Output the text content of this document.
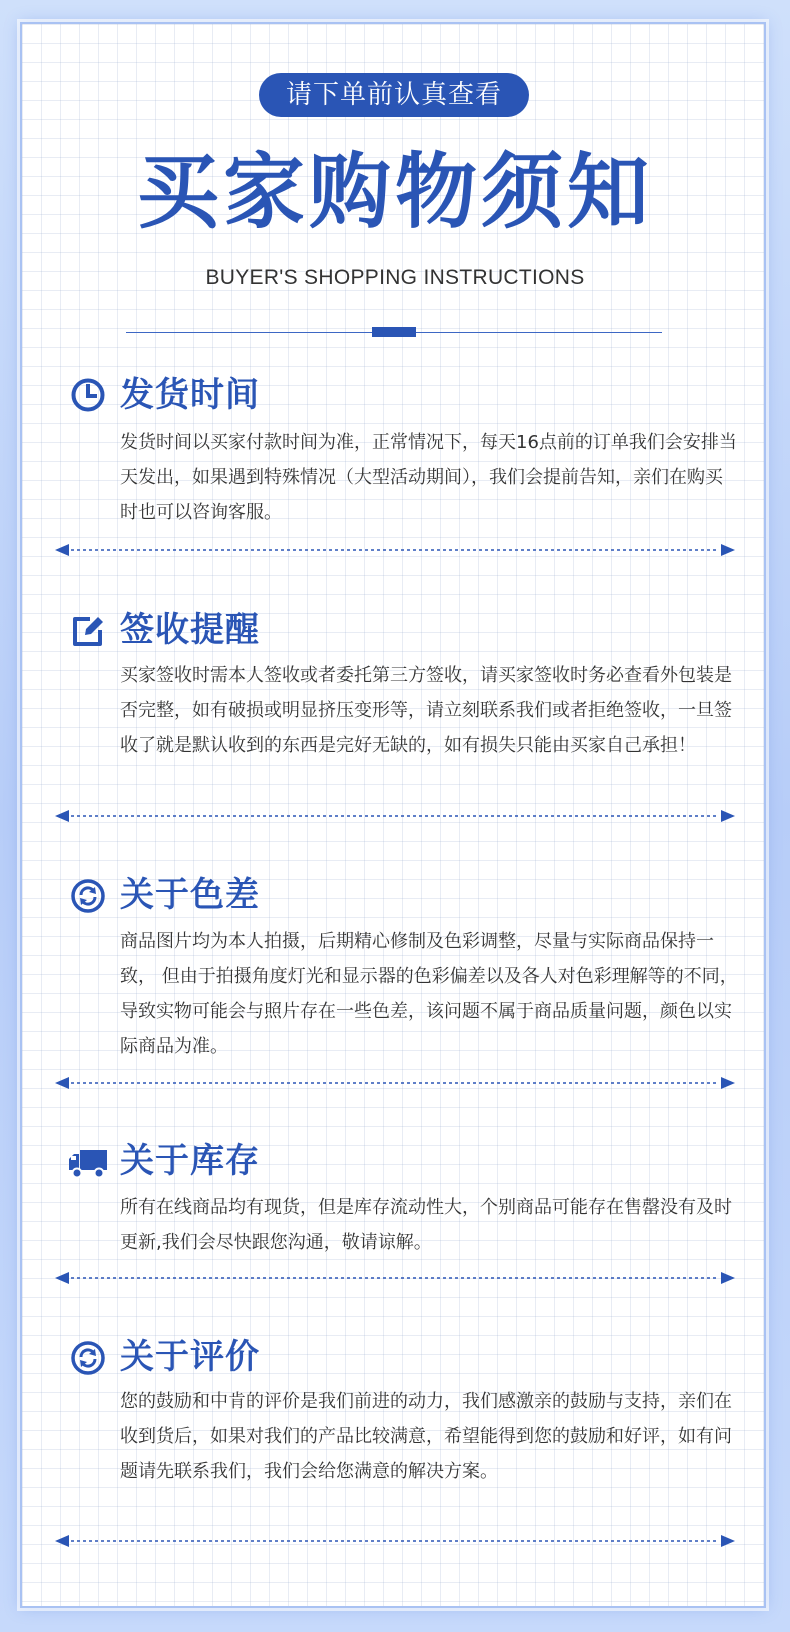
请下单前认真查看
买家购物须知
BUYER'S SHOPPING INSTRUCTIONS
发货时间
发货时间以买家付款时间为准，正常情况下，每天16点前的订单我们会安排当天发出，如果遇到特殊情况（大型活动期间），我们会提前告知，亲们在购买时也可以咨询客服。
签收提醒
买家签收时需本人签收或者委托第三方签收，请买家签收时务必查看外包装是否完整，如有破损或明显挤压变形等，请立刻联系我们或者拒绝签收，一旦签收了就是默认收到的东西是完好无缺的，如有损失只能由买家自己承担！
关于色差
商品图片均为本人拍摄，后期精心修制及色彩调整，尽量与实际商品保持一致， 但由于拍摄角度灯光和显示器的色彩偏差以及各人对色彩理解等的不同，导致实物可能会与照片存在一些色差，该问题不属于商品质量问题，颜色以实际商品为准。
关于库存
所有在线商品均有现货，但是库存流动性大，个别商品可能存在售罄没有及时更新,我们会尽快跟您沟通，敬请谅解。
关于评价
您的鼓励和中肯的评价是我们前进的动力，我们感激亲的鼓励与支持，亲们在收到货后，如果对我们的产品比较满意，希望能得到您的鼓励和好评，如有问题请先联系我们，我们会给您满意的解决方案。
